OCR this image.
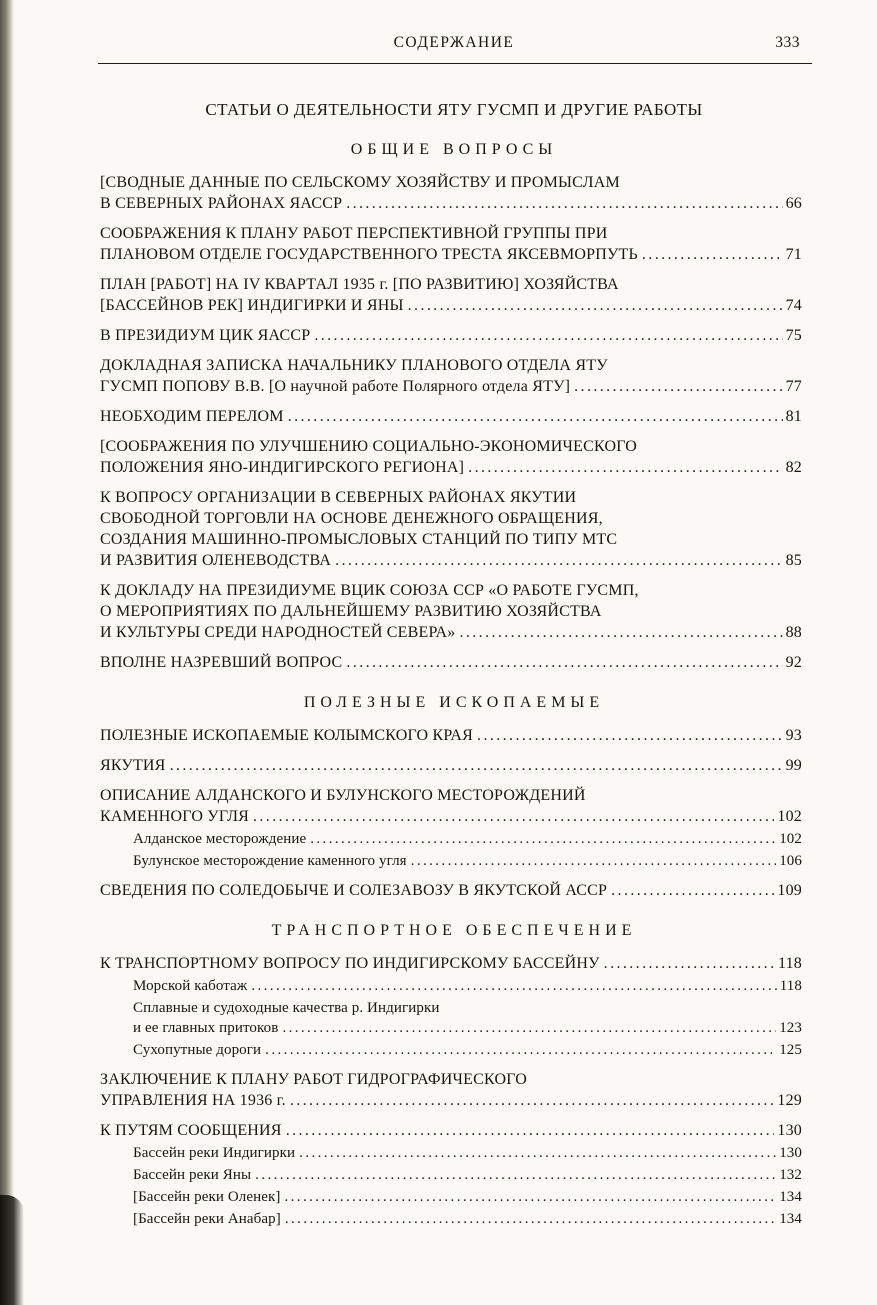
СОДЕРЖАНИЕ	333
СТАТЬИ О ДЕЯТЕЛЬНОСТИ ЯТУ ГУСМП И ДРУГИЕ РАБОТЫ
ОБЩИЕ ВОПРОСЫ
[СВОДНЫЕ ДАННЫЕ ПО СЕЛЬСКОМУ ХОЗЯЙСТВУ И ПРОМЫСЛАМ
В СЕВЕРНЫХ РАЙОНАХ ЯАССР .....	66
СООБРАЖЕНИЯ К ПЛАНУ РАБОТ ПЕРСПЕКТИВНОЙ ГРУППЫ ПРИ
ПЛАНОВОМ ОТДЕЛЕ ГОСУДАРСТВЕННОГО ТРЕСТА ЯКСЕВМОРПУТЬ .....	71
ПЛАН [РАБОТ] НА IV КВАРТАЛ 1935 г. [ПО РАЗВИТИЮ] ХОЗЯЙСТВА
[БАССЕЙНОВ РЕК] ИНДИГИРКИ И ЯНЫ .....	74
В ПРЕЗИДИУМ ЦИК ЯАССР .....	75
ДОКЛАДНАЯ ЗАПИСКА НАЧАЛЬНИКУ ПЛАНОВОГО ОТДЕЛА ЯТУ
ГУСМП ПОПОВУ В.В. [О научной работе Полярного отдела ЯТУ] .....	77
НЕОБХОДИМ ПЕРЕЛОМ .....	81
[СООБРАЖЕНИЯ ПО УЛУЧШЕНИЮ СОЦИАЛЬНО-ЭКОНОМИЧЕСКОГО
ПОЛОЖЕНИЯ ЯНО-ИНДИГИРСКОГО РЕГИОНА] .....	82
К ВОПРОСУ ОРГАНИЗАЦИИ В СЕВЕРНЫХ РАЙОНАХ ЯКУТИИ
СВОБОДНОЙ ТОРГОВЛИ НА ОСНОВЕ ДЕНЕЖНОГО ОБРАЩЕНИЯ,
СОЗДАНИЯ МАШИННО-ПРОМЫСЛОВЫХ СТАНЦИЙ ПО ТИПУ МТС
И РАЗВИТИЯ ОЛЕНЕВОДСТВА .....	85
К ДОКЛАДУ НА ПРЕЗИДИУМЕ ВЦИК СОЮЗА ССР «О РАБОТЕ ГУСМП,
О МЕРОПРИЯТИЯХ ПО ДАЛЬНЕЙШЕМУ РАЗВИТИЮ ХОЗЯЙСТВА
И КУЛЬТУРЫ СРЕДИ НАРОДНОСТЕЙ СЕВЕРА» .....	88
ВПОЛНЕ НАЗРЕВШИЙ ВОПРОС .....	92
ПОЛЕЗНЫЕ ИСКОПАЕМЫЕ
ПОЛЕЗНЫЕ ИСКОПАЕМЫЕ КОЛЫМСКОГО КРАЯ .....	93
ЯКУТИЯ .....	99
ОПИСАНИЕ АЛДАНСКОГО И БУЛУНСКОГО МЕСТОРОЖДЕНИЙ
КАМЕННОГО УГЛЯ .....	102
Алданское месторождение .....	102
Булунское месторождение каменного угля .....	106
СВЕДЕНИЯ ПО СОЛЕДОБЫЧЕ И СОЛЕЗАВОЗУ В ЯКУТСКОЙ АССР .....	109
ТРАНСПОРТНОЕ ОБЕСПЕЧЕНИЕ
К ТРАНСПОРТНОМУ ВОПРОСУ ПО ИНДИГИРСКОМУ БАССЕЙНУ .....	118
Морской каботаж .....	118
Сплавные и судоходные качества р. Индигирки
и ее главных притоков .....	123
Сухопутные дороги .....	125
ЗАКЛЮЧЕНИЕ К ПЛАНУ РАБОТ ГИДРОГРАФИЧЕСКОГО
УПРАВЛЕНИЯ НА 1936 г. .....	129
К ПУТЯМ СООБЩЕНИЯ .....	130
Бассейн реки Индигирки .....	130
Бассейн реки Яны .....	132
[Бассейн реки Оленек] .....	134
[Бассейн реки Анабар] .....	134
